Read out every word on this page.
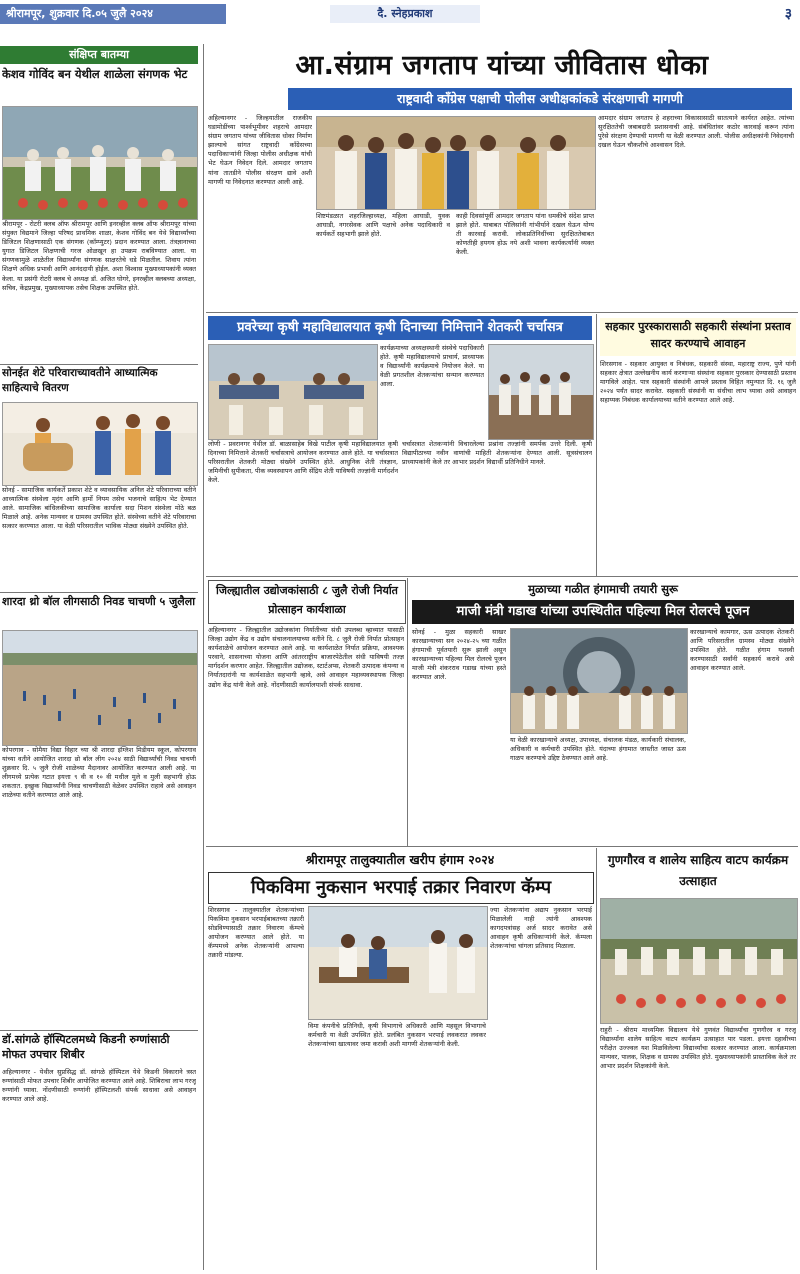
श्रीरामपूर, शुक्रवार दि.०५ जुलै २०२४	दै. स्नेहप्रकाश	३
संक्षिप्त बातम्या
केशव गोविंद बन येथील शाळेला संगणक भेट
श्रीरामपूर - रोटरी क्लब ऑफ श्रीरामपूर आणि इनरव्हील क्लब ऑफ श्रीरामपूर यांच्या संयुक्त विद्यमाने जिल्हा परिषद प्राथमिक शाळा, केशव गोविंद बन येथे विद्यार्थ्यांच्या डिजिटल शिक्षणासाठी एक संगणक (कॉम्प्युटर) प्रदान करण्यात आला. तंत्रज्ञानाच्या युगात डिजिटल शिक्षणाची गरज ओळखून हा उपक्रम राबविण्यात आला. या संगणकामुळे शाळेतील विद्यार्थ्यांना संगणक साक्षरतेचे धडे मिळतील. शिवाय त्यांना शिक्षणे अधिक प्रभावी आणि आनंददायी होईल. अशा विश्वास मुख्याध्यापकांनी व्यक्त केला. या प्रसंगी रोटरी क्लब चे अध्यक्ष डॉ. अजित घोगरे, इनरव्हील क्लबच्या अध्यक्षा, सचिव, केंद्रप्रमुख, मुख्याध्यापक तसेच शिक्षक उपस्थित होते.
सोनईत शेटे परिवाराच्यावतीने आध्यात्मिक साहित्याचे वितरण
सोनई - सामाजिक कार्यकर्ते प्रकाश शेटे व व्यावसायिक अनिल शेटे परिवाराच्या वतीने आध्यात्मिक संस्थेला मृदंग आणि हार्मो नियम तसेच भजनाचे साहित्य भेट देण्यात आले. सामाजिक बांधिलकीच्या सामाजिक कार्याला सदा मिशन संस्थेला मोठे बळ मिळाले आहे. अनेक मान्यवर व ग्रामस्थ उपस्थित होते. संस्थेच्या वतीने शेटे परिवाराचा सत्कार करण्यात आला. या वेळी परिसरातील भाविक मोठ्या संख्येने उपस्थित होते.
शारदा थ्रो बॉल लीगसाठी निवड चाचणी ५ जुलैला
कोपरगाव - सोमैया विद्या विहार च्या श्री शारदा इंग्लिश मिडीयम स्कूल, कोपरगाव यांच्या वतीने आयोजित शारदा थ्रो बॉल लीग २०२४ साठी विद्यार्थ्यांची निवड चाचणी शुक्रवार दि. ५ जुलै रोजी शाळेच्या मैदानावर आयोजित करण्यात आली आहे. या लीगमध्ये प्रत्येक गटात इयत्ता ९ वी व १० वी मधील मुले व मुली सहभागी होऊ शकतात. इच्छुक विद्यार्थ्यांनी निवड चाचणीसाठी वेळेवर उपस्थित राहावे असे आवाहन शाळेच्या वतीने करण्यात आले आहे.
डॉ.सांगळे हॉस्पिटलमध्ये किडनी रुग्णांसाठी मोफत उपचार शिबीर
अहिल्यानगर - येथील सुप्रसिद्ध डॉ. सांगळे हॉस्पिटल येथे किडनी विकाराने त्रस्त रुग्णांसाठी मोफत उपचार शिबीर आयोजित करण्यात आले आहे. शिबिराचा लाभ गरजू रुग्णांनी घ्यावा. नोंदणीसाठी रुग्णांनी हॉस्पिटलशी संपर्क साधावा असे आवाहन करण्यात आले आहे.
आ.संग्राम जगताप यांच्या जीवितास धोका
राष्ट्रवादी काँग्रेस पक्षाची पोलीस अधीक्षकांकडे संरक्षणाची मागणी
अहिल्यानगर - जिल्हयातील राजकीय घडामोडींच्या पार्श्वभूमीवर शहराचे आमदार संग्राम जगताप यांच्या जीवितास धोका निर्माण झाल्याचे सांगत राष्ट्रवादी काँग्रेसच्या पदाधिकाऱ्यांनी जिल्हा पोलीस अधीक्षक यांची भेट घेऊन निवेदन दिले. आमदार जगताप यांना तातडीने पोलीस संरक्षण द्यावे अशी मागणी या निवेदनात करण्यात आली आहे.
शिष्टमंडळात शहरजिल्हाध्यक्ष, महिला आघाडी, युवक आघाडी, नगरसेवक आणि पक्षाचे अनेक पदाधिकारी व कार्यकर्ते सहभागी झाले होते.
काही दिवसांपूर्वी आमदार जगताप यांना धमकीचे संदेश प्राप्त झाले होते. याबाबत पोलिसांनी गांभीर्याने दखल घेऊन योग्य ती कारवाई करावी. लोकप्रतिनिधींच्या सुरक्षिततेबाबत कोणतीही हयगय होऊ नये अशी भावना कार्यकर्त्यांनी व्यक्त केली.
आमदार संग्राम जगताप हे शहराच्या विकासासाठी सातत्याने कार्यरत आहेत. त्यांच्या सुरक्षिततेची जबाबदारी प्रशासनाची आहे. संबंधितांवर कठोर कारवाई करून त्यांना पुरेसे संरक्षण देण्याची मागणी या वेळी करण्यात आली. पोलीस अधीक्षकांनी निवेदनाची दखल घेऊन चौकशीचे आश्वासन दिले.
प्रवरेच्या कृषी महाविद्यालयात कृषी दिनाच्या निमित्ताने शेतकरी चर्चासत्र
कार्यक्रमाच्या अध्यक्षस्थानी संस्थेचे पदाधिकारी होते. कृषी महाविद्यालयाचे प्राचार्य, प्राध्यापक व विद्यार्थ्यांनी कार्यक्रमाचे नियोजन केले. या वेळी प्रगतशील शेतकऱ्यांचा सन्मान करण्यात आला.
लोणी - प्रवरानगर येथील डॉ. बाळासाहेब विखे पाटील कृषी महाविद्यालयात कृषी दिनाच्या निमित्ताने शेतकरी चर्चासत्राचे आयोजन करण्यात आले होते. या चर्चासत्रात परिसरातील शेतकरी मोठ्या संख्येने उपस्थित होते. आधुनिक शेती तंत्रज्ञान, जमिनीची सुपीकता, पीक व्यवस्थापन आणि सेंद्रिय शेती याविषयी तज्ज्ञांनी मार्गदर्शन केले.
चर्चासत्रात शेतकऱ्यांनी विचारलेल्या प्रश्नांना तज्ज्ञांनी समर्पक उत्तरे दिली. कृषी विद्यापीठाच्या नवीन वाणांची माहिती शेतकऱ्यांना देण्यात आली. सूत्रसंचालन प्राध्यापकांनी केले तर आभार प्रदर्शन विद्यार्थी प्रतिनिधीने मानले.
सहकार पुरस्कारासाठी सहकारी संस्थांना प्रस्ताव सादर करण्याचे आवाहन
शिरसगाव - सहकार आयुक्त व निबंधक, सहकारी संस्था, महाराष्ट्र राज्य, पुणे यांनी सहकार क्षेत्रात उल्लेखनीय कार्य करणाऱ्या संस्थांना सहकार पुरस्कार देण्यासाठी प्रस्ताव मागविले आहेत. पात्र सहकारी संस्थांनी आपले प्रस्ताव विहित नमुन्यात दि. १६ जुलै २०२४ पर्यंत सादर करावेत. सहकारी संस्थांनी या संधीचा लाभ घ्यावा असे आवाहन सहाय्यक निबंधक कार्यालयाच्या वतीने करण्यात आले आहे.
जिल्ह्यातील उद्योजकांसाठी ८ जुलै रोजी निर्यात प्रोत्साहन कार्यशाळा
अहिल्यानगर - जिल्ह्यातील उद्योजकांना निर्यातीच्या संधी उपलब्ध व्हाव्यात यासाठी जिल्हा उद्योग केंद्र व उद्योग संचालनालयाच्या वतीने दि. ८ जुलै रोजी निर्यात प्रोत्साहन कार्यशाळेचे आयोजन करण्यात आले आहे. या कार्यशाळेत निर्यात प्रक्रिया, आवश्यक परवाने, शासनाच्या योजना आणि आंतरराष्ट्रीय बाजारपेठेतील संधी याविषयी तज्ज्ञ मार्गदर्शन करणार आहेत. जिल्ह्यातील उद्योजक, स्टार्टअप्स, शेतकरी उत्पादक कंपन्या व निर्यातदारांनी या कार्यशाळेत सहभागी व्हावे, असे आवाहन महाव्यवस्थापक जिल्हा उद्योग केंद्र यांनी केले आहे. नोंदणीसाठी कार्यालयाशी संपर्क साधावा.
मुळाच्या गळीत हंगामाची तयारी सुरू
माजी मंत्री गडाख यांच्या उपस्थितीत पहिल्या मिल रोलरचे पूजन
सोनई - मुळा सहकारी साखर कारखान्याच्या सन २०२४-२५ च्या गळीत हंगामाची पूर्वतयारी सुरू झाली असून कारखान्याच्या पहिल्या मिल रोलरचे पूजन माजी मंत्री शंकरराव गडाख यांच्या हस्ते करण्यात आले.
या वेळी कारखान्याचे अध्यक्ष, उपाध्यक्ष, संचालक मंडळ, कार्यकारी संचालक, अधिकारी व कर्मचारी उपस्थित होते. यंदाच्या हंगामात जास्तीत जास्त ऊस गाळप करण्याचे उद्दिष्ट ठेवण्यात आले आहे.
कारखान्याचे कामगार, ऊस उत्पादक शेतकरी आणि परिसरातील ग्रामस्थ मोठ्या संख्येने उपस्थित होते. गळीत हंगाम यशस्वी करण्यासाठी सर्वांनी सहकार्य करावे असे आवाहन करण्यात आले.
श्रीरामपूर तालुक्यातील खरीप हंगाम २०२४
पिकविमा नुकसान भरपाई तक्रार निवारण कॅम्प
शिरसगाव - तालुक्यातील शेतकऱ्यांच्या पिकविमा नुकसान भरपाईबाबतच्या तक्रारी सोडविण्यासाठी तक्रार निवारण कॅम्पचे आयोजन करण्यात आले होते. या कॅम्पमध्ये अनेक शेतकऱ्यांनी आपल्या तक्रारी मांडल्या.
विमा कंपनीचे प्रतिनिधी, कृषी विभागाचे अधिकारी आणि महसूल विभागाचे कर्मचारी या वेळी उपस्थित होते. प्रलंबित नुकसान भरपाई लवकरात लवकर शेतकऱ्यांच्या खात्यावर जमा करावी अशी मागणी शेतकऱ्यांनी केली.
ज्या शेतकऱ्यांना अद्याप नुकसान भरपाई मिळालेली नाही त्यांनी आवश्यक कागदपत्रांसह अर्ज सादर करावेत असे आवाहन कृषी अधिकाऱ्यांनी केले. कॅम्पला शेतकऱ्यांचा चांगला प्रतिसाद मिळाला.
गुणगौरव व शालेय साहित्य वाटप कार्यक्रम उत्साहात
राहुरी - श्रीराम माध्यमिक विद्यालय येथे गुणवंत विद्यार्थ्यांचा गुणगौरव व गरजू विद्यार्थ्यांना शालेय साहित्य वाटप कार्यक्रम उत्साहात पार पडला. इयत्ता दहावीच्या परीक्षेत उज्ज्वल यश मिळविलेल्या विद्यार्थ्यांचा सत्कार करण्यात आला. कार्यक्रमाला मान्यवर, पालक, शिक्षक व ग्रामस्थ उपस्थित होते. मुख्याध्यापकांनी प्रास्ताविक केले तर आभार प्रदर्शन शिक्षकांनी केले.
